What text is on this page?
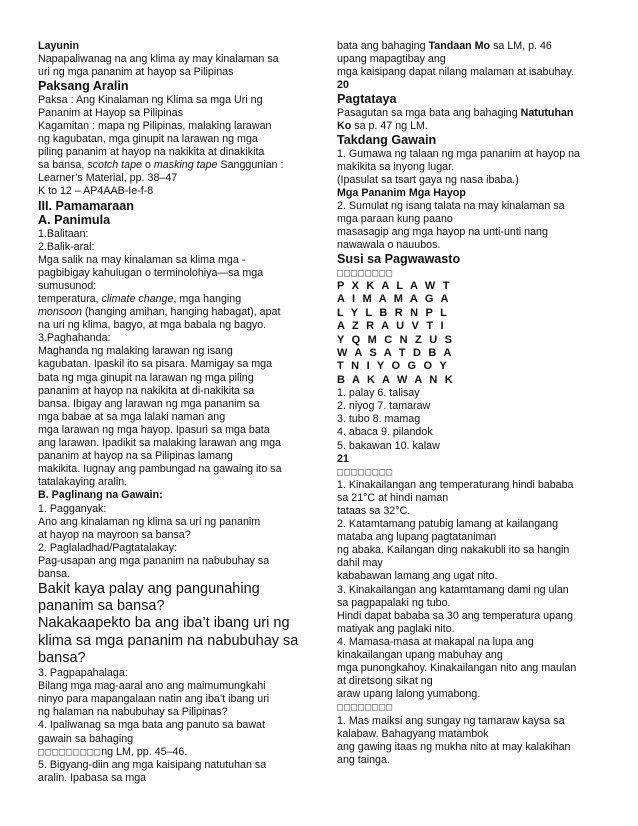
Layunin

Napapaliwanag na ang klima ay may kinalaman sa

uri ng mga pananim at hayop sa Pilipinas

Paksang Aralin

Paksa : Ang Kinalaman ng Klima sa mga Uri ng

Pananim at Hayop sa Pilipinas

Kagamitan : mapa ng Pilipinas, malaking larawan

ng kagubatan, mga ginupit na larawan ng mga

piling pananim at hayop na nakikita at dinakikita

sa bansa, scotch tape o masking tape Sanggunian :

Learner’s Material, pp. 38–47

K to 12 – AP4AAB-Ie-f-8

III. Pamamaraan

A. Panimula

1.Balitaan:

2.Balik-aral:

Mga salik na may kinalaman sa klima mga -

pagbibigay kahulugan o terminolohiya—sa mga

sumusunod:

temperatura, climate change, mga hanging

monsoon (hanging amihan, hanging habagat), apat

na uri ng klima, bagyo, at mga babala ng bagyo.

3.Paghahanda:

Maghanda ng malaking larawan ng isang

kagubatan. Ipaskil ito sa pisara. Mamigay sa mga

bata ng mga ginupit na larawan ng mga piling

pananim at hayop na nakikita at di-nakikita sa

bansa. Ibigay ang larawan ng mga pananim sa

mga babae at sa mga lalaki naman ang

mga larawan ng mga hayop. Ipasuri sa mga bata

ang larawan. Ipadikit sa malaking larawan ang mga

pananim at hayop na sa Pilipinas lamang

makikita. Iugnay ang pambungad na gawaing ito sa

tatalakaying aralin.

B. Paglinang na Gawain:

1. Pagganyak:

Ano ang kinalaman ng klima sa uri ng pananim

at hayop na mayroon sa bansa?

2. Paglaladhad/Pagtatalakay:

Pag-usapan ang mga pananim na nabubuhay sa

bansa.

Bakit kaya palay ang pangunahing

pananim sa bansa?

Nakakaapekto ba ang iba’t ibang uri ng

klima sa mga pananim na nabubuhay sa

bansa?

3. Pagpapahalaga:

Bilang mga mag-aaral ano ang maimumungkahi

ninyo para mapangalaan natin ang iba’t ibang uri

ng halaman na nabubuhay sa Pilipinas?

4. Ipaliwanag sa mga bata ang panuto sa bawat

gawain sa bahaging

□□□□□□□□□ng LM, pp. 45–46.

5. Bigyang-diin ang mga kaisipang natutuhan sa

aralin. Ipabasa sa mga

bata ang bahaging Tandaan Mo sa LM, p. 46

upang mapagtibay ang

mga kaisipang dapat nilang malaman at isabuhay.

20

Pagtataya

Pasagutan sa mga bata ang bahaging Natutuhan

Ko sa p. 47 ng LM.

Takdang Gawain

1. Gumawa ng talaan ng mga pananim at hayop na

makikita sa inyong lugar.

(Ipasulat sa tsart gaya ng nasa ibaba.)

Mga Pananim Mga Hayop

2. Sumulat ng isang talata na may kinalaman sa

mga paraan kung paano

masasagip ang mga hayop na unti-unti nang

nawawala o nauubos.

Susi sa Pagwawasto

□□□□□□□□

P X K A L A W T

A I M A M A G A

L Y L B R N P L

A Z R A U V T I

Y Q M C N Z U S

W A S A T D B A

T N I Y O G O Y

B A K A W A N K

1. palay 6. talisay

2. niyog 7. tamaraw

3. tubo 8. mamag

4. abaca 9. pilandok

5. bakawan 10. kalaw

21

□□□□□□□□

1. Kinakailangan ang temperaturang hindi bababa

sa 21°C at hindi naman

tataas sa 32°C.

2. Katamtamang patubig lamang at kailangang

mataba ang lupang pagtataniman

ng abaka. Kailangan ding nakakubli ito sa hangin

dahil may

kababawan lamang ang ugat nito.

3. Kinakailangan ang katamtamang dami ng ulan

sa pagpapalaki ng tubo.

Hindi dapat bababa sa 30 ang temperatura upang

matiyak ang paglaki nito.

4. Mamasa-masa at makapal na lupa ang

kinakailangan upang mabuhay ang

mga punongkahoy. Kinakailangan nito ang maulan

at diretsong sikat ng

araw upang lalong yumabong.

□□□□□□□□

1. Mas maiksi ang sungay ng tamaraw kaysa sa

kalabaw. Bahagyang matambok

ang gawing itaas ng mukha nito at may kalakihan

ang tainga.
